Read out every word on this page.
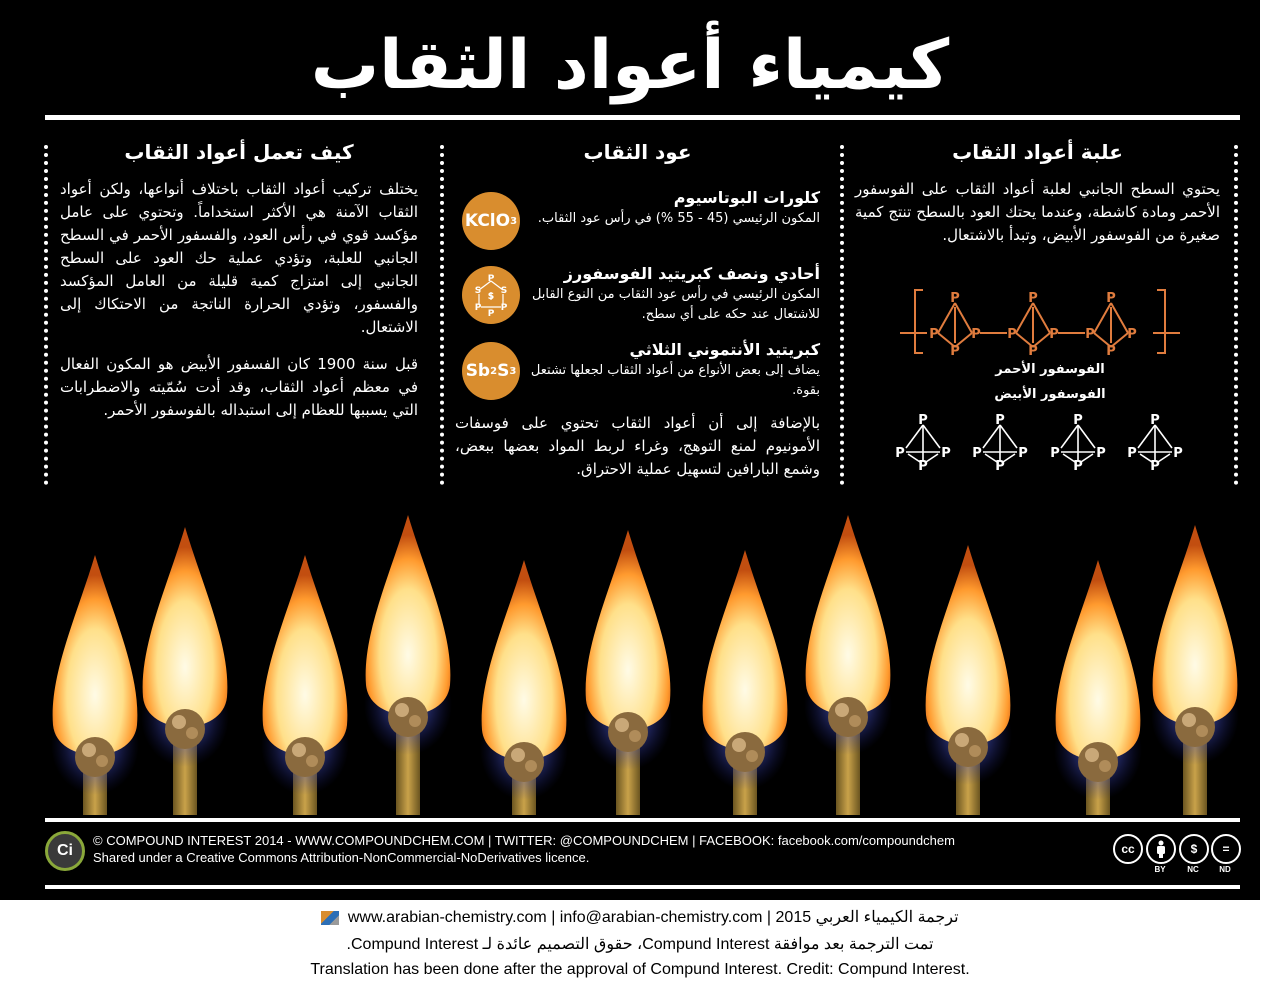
كيمياء أعواد الثقاب
علبة أعواد الثقاب

يحتوي السطح الجانبي لعلبة أعواد الثقاب على الفوسفور الأحمر ومادة كاشطة، وعندما يحتك العود بالسطح تنتج كمية صغيرة من الفوسفور الأبيض، وتبدأ بالاشتعال.

P
P
P
P P
P
P
P P
P
P
P
الفوسفور الأحمر
الفوسفور الأبيض
P
P	P
P
P
P	P
P
P
P	P
P
P
P	P
P
عود الثقاب
KClO 3
كلورات البوتاسيوم

المكون الرئيسي (45 - 55 %) في رأس عود الثقاب.

P
S S
S
P P
P
أحادي ونصف كبريتيد الفوسفورز

المكون الرئيسي في رأس عود الثقاب من النوع القابل للاشتعال عند حكه على أي سطح.

Sb 2 S 3
كبريتيد الأنتموني الثلاثي

يضاف إلى بعض الأنواع من أعواد الثقاب لجعلها تشتعل بقوة.

بالإضافة إلى أن أعواد الثقاب تحتوي على فوسفات الأمونيوم لمنع التوهج، وغراء لربط المواد بعضها ببعض، وشمع البارافين لتسهيل عملية الاحتراق.

كيف تعمل أعواد الثقاب

يختلف تركيب أعواد الثقاب باختلاف أنواعها، ولكن أعواد الثقاب الآمنة هي الأكثر استخداماً. وتحتوي على عامل مؤكسد قوي في رأس العود، والفسفور الأحمر في السطح الجانبي للعلبة، وتؤدي عملية حك العود على السطح الجانبي إلى امتزاج كمية قليلة من العامل المؤكسد والفسفور، وتؤدي الحرارة الناتجة من الاحتكاك إلى الاشتعال.

قبل سنة 1900 كان الفسفور الأبيض هو المكون الفعال في معظم أعواد الثقاب، وقد أدت سُمّيته والاضطرابات التي يسببها للعظام إلى استبداله بالفوسفور الأحمر.

Ci
© COMPOUND INTEREST 2014 - WWW.COMPOUNDCHEM.COM | TWITTER: @COMPOUNDCHEM | FACEBOOK: facebook.com/compoundchem
Shared under a Creative Commons Attribution-NonCommercial-NoDerivatives licence.
cc	$	=
BY	NC	ND
www.arabian-chemistry.com | info@arabian-chemistry.com | 2015 ترجمة الكيمياء العربي
تمت الترجمة بعد موافقة Compund Interest، حقوق التصميم عائدة لـ Compund Interest.
Translation has been done after the approval of Compund Interest. Credit: Compund Interest.
